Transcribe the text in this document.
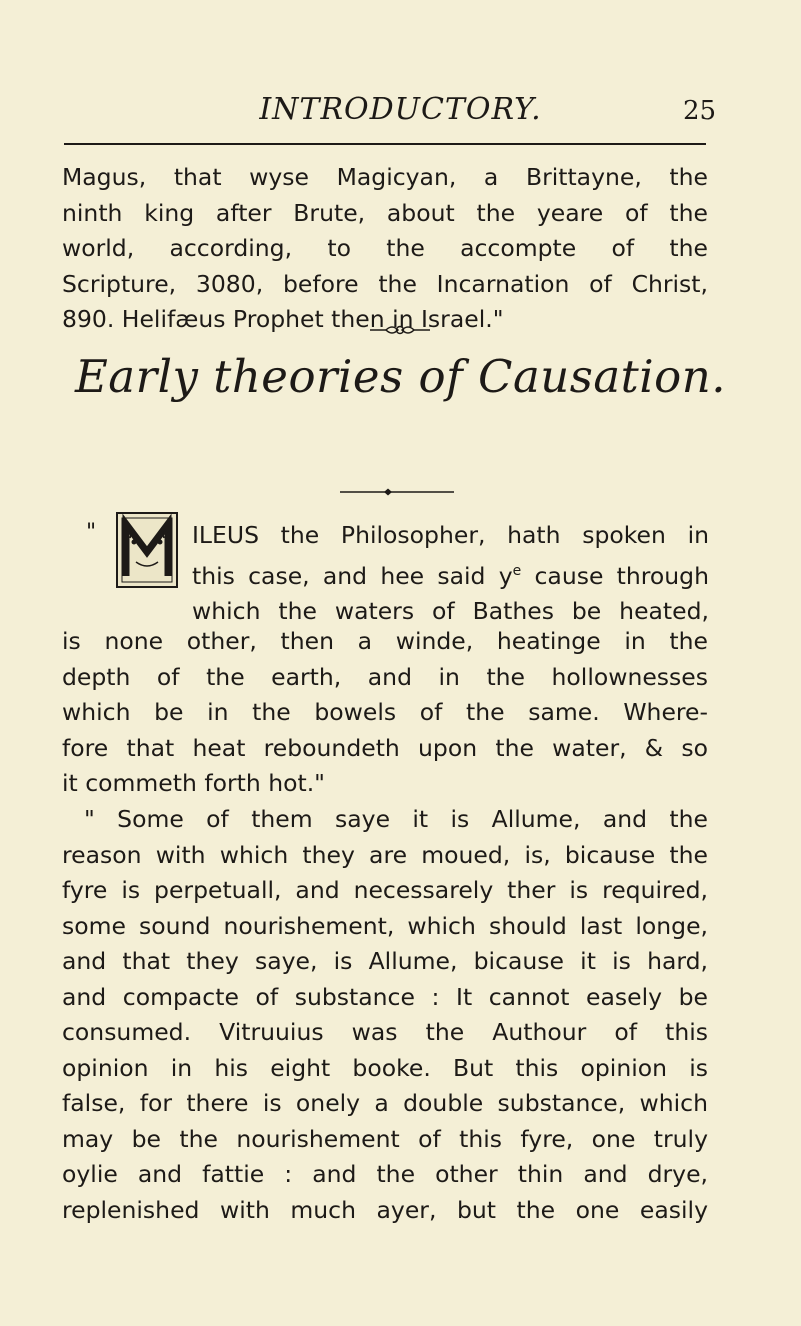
INTRODUCTORY.	25

Magus, that wyse Magicyan, a Brittayne, the
ninth king after Brute, about the yeare of the
world, according, to the accompte of the
Scripture, 3080, before the Incarnation of Christ,
890. Helifæus Prophet then in Israel."

Early theories of Causation.
"	ILEUS the Philosopher, hath spoken in
this case, and hee said $y^e$ cause through
which the waters of Bathes be heated,

is none other, then a winde, heatinge in the
depth of the earth, and in the hollownesses
which be in the bowels of the same. Where-
fore that heat reboundeth upon the water, & so
it commeth forth hot."

" Some of them saye it is Allume, and the
reason with which they are moued, is, bicause the
fyre is perpetuall, and necessarely ther is required,
some sound nourishement, which should last longe,
and that they saye, is Allume, bicause it is hard,
and compacte of substance : It cannot easely be
consumed. Vitruuius was the Authour of this
opinion in his eight booke. But this opinion is
false, for there is onely a double substance, which
may be the nourishement of this fyre, one truly
oylie and fattie : and the other thin and drye,
replenished with much ayer, but the one easily
